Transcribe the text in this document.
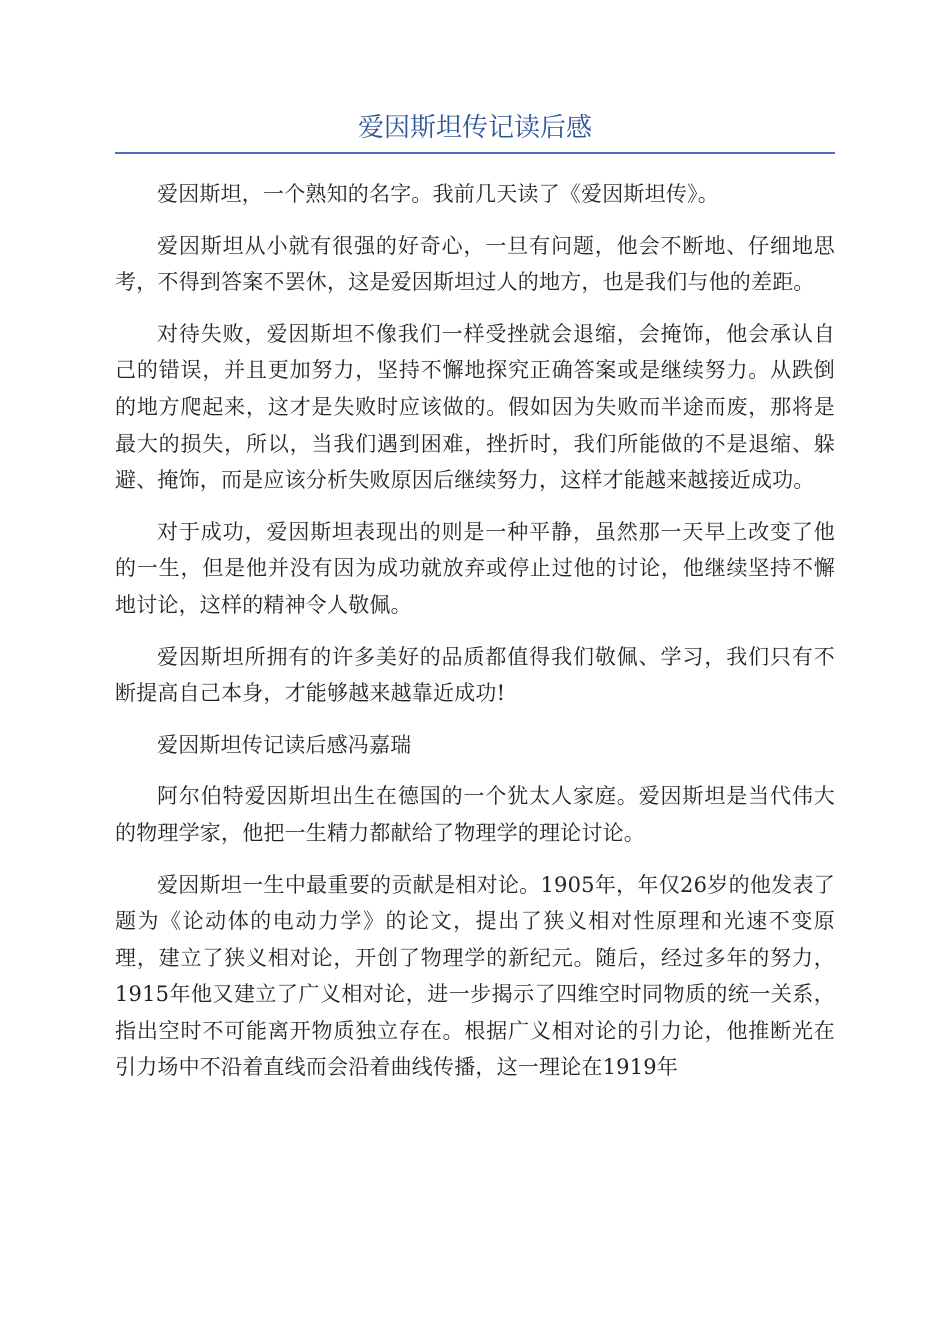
爱因斯坦传记读后感

爱因斯坦，一个熟知的名字。我前几天读了《爱因斯坦传》。

爱因斯坦从小就有很强的好奇心，一旦有问题，他会不断地、仔细地思考，不得到答案不罢休，这是爱因斯坦过人的地方，也是我们与他的差距。

对待失败，爱因斯坦不像我们一样受挫就会退缩，会掩饰，他会承认自己的错误，并且更加努力，坚持不懈地探究正确答案或是继续努力。从跌倒的地方爬起来，这才是失败时应该做的。假如因为失败而半途而废，那将是最大的损失，所以，当我们遇到困难，挫折时，我们所能做的不是退缩、躲避、掩饰，而是应该分析失败原因后继续努力，这样才能越来越接近成功。

对于成功，爱因斯坦表现出的则是一种平静，虽然那一天早上改变了他的一生，但是他并没有因为成功就放弃或停止过他的讨论，他继续坚持不懈地讨论，这样的精神令人敬佩。

爱因斯坦所拥有的许多美好的品质都值得我们敬佩、学习，我们只有不断提高自己本身，才能够越来越靠近成功!

爱因斯坦传记读后感冯嘉瑞

阿尔伯特爱因斯坦出生在德国的一个犹太人家庭。爱因斯坦是当代伟大的物理学家，他把一生精力都献给了物理学的理论讨论。

爱因斯坦一生中最重要的贡献是相对论。1905年，年仅26岁的他发表了题为《论动体的电动力学》的论文，提出了狭义相对性原理和光速不变原理，建立了狭义相对论，开创了物理学的新纪元。随后，经过多年的努力，1915年他又建立了广义相对论，进一步揭示了四维空时同物质的统一关系，指出空时不可能离开物质独立存在。根据广义相对论的引力论，他推断光在引力场中不沿着直线而会沿着曲线传播，这一理论在1919年
